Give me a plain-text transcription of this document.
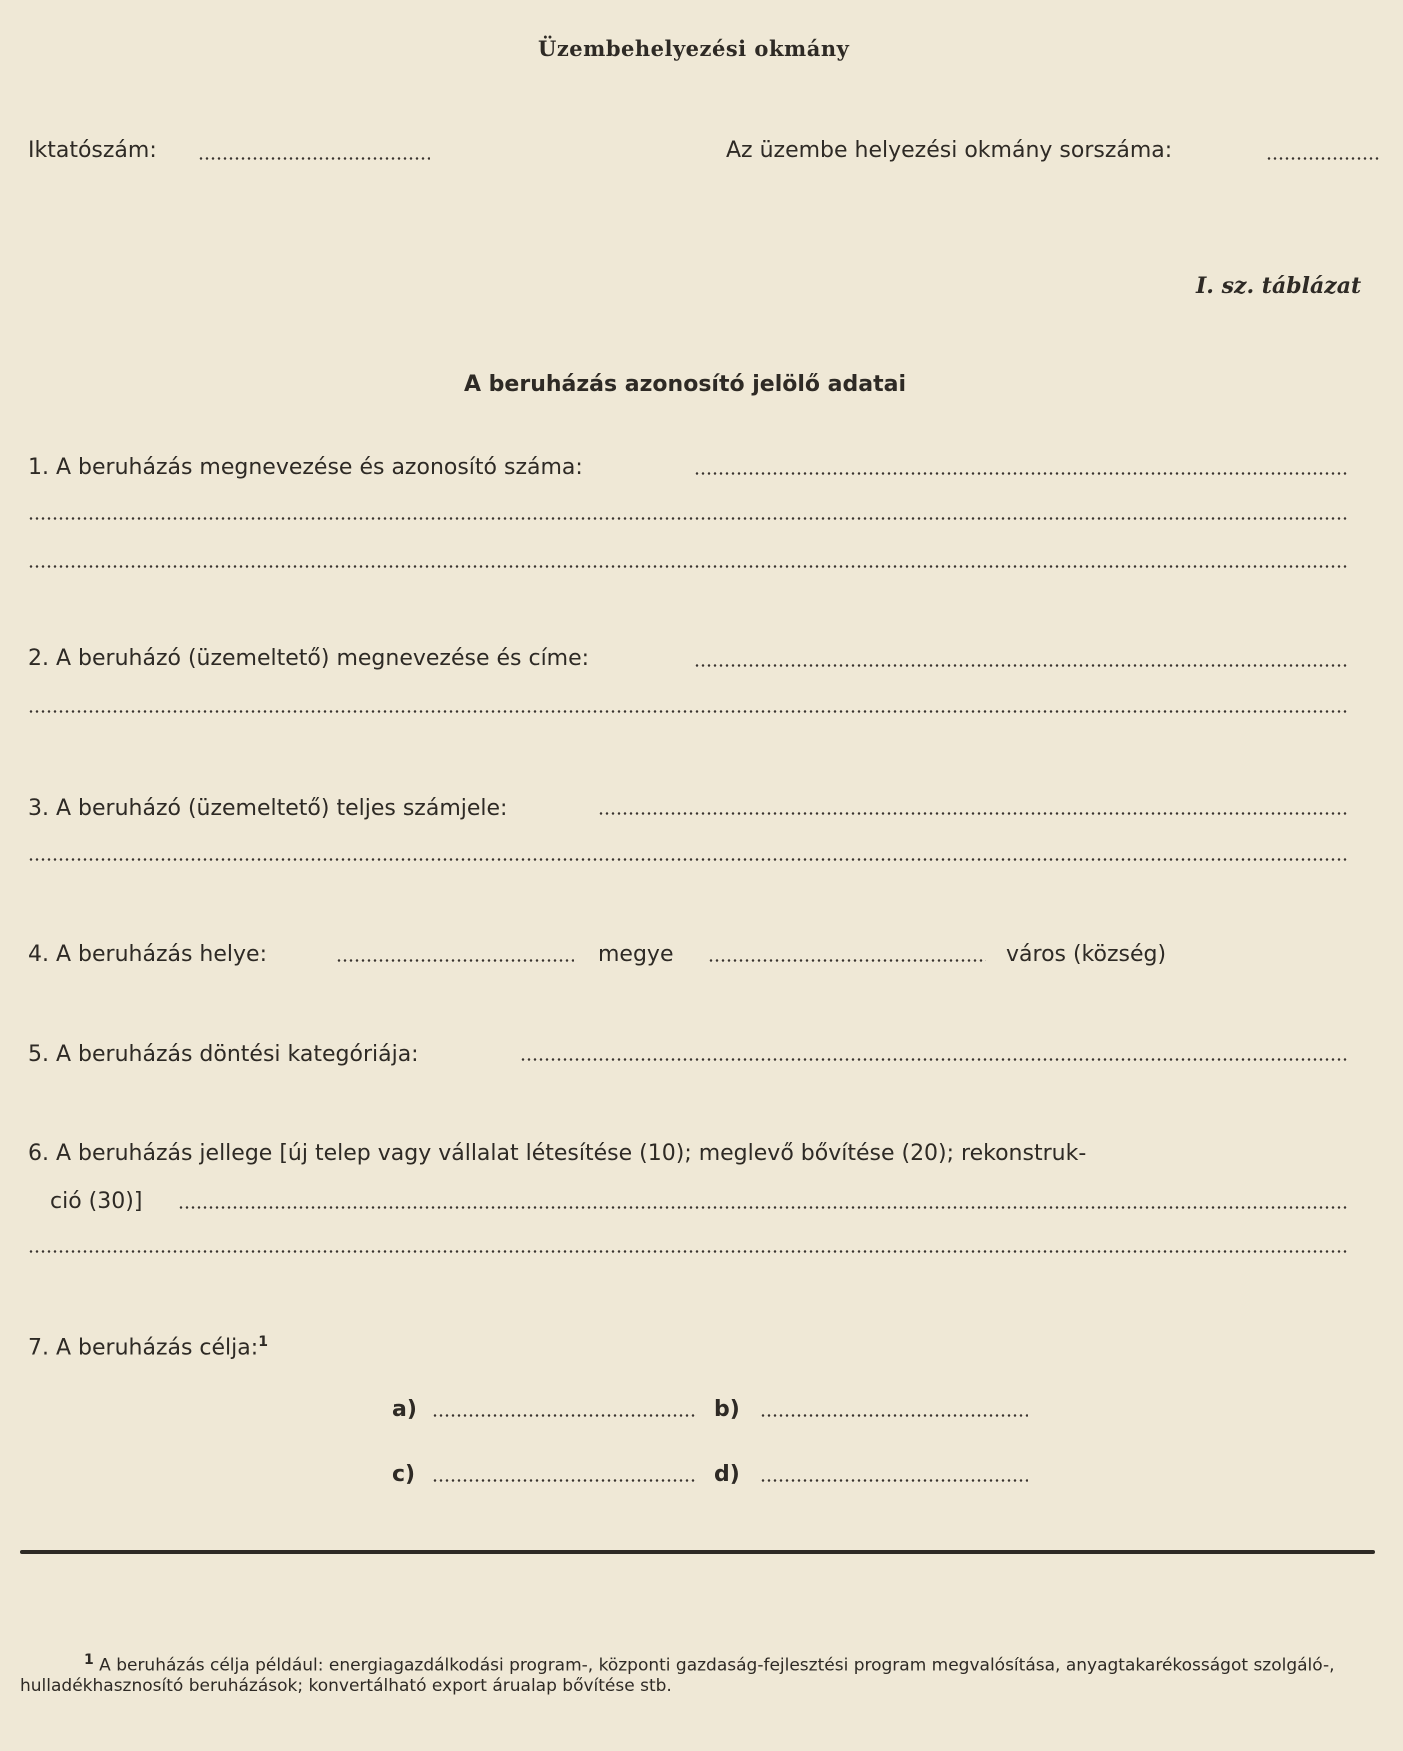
Üzembehelyezési okmány
Iktatószám:	Az üzembe helyezési okmány sorszáma:
I. sz. táblázat
A beruházás azonosító jelölő adatai
1. A beruházás megnevezése és azonosító száma:
2. A beruházó (üzemeltető) megnevezése és címe:
3. A beruházó (üzemeltető) teljes számjele:
4. A beruházás helye:	megye	város (község)
5. A beruházás döntési kategóriája:
6. A beruházás jellege [új telep vagy vállalat létesítése (10); meglevő bővítése (20); rekonstruk-
ció (30)]
7. A beruházás célja:$^1$
a)	b)
c)	d)
$^1$ A beruházás célja például: energiagazdálkodási program-, központi gazdaság-fejlesztési program megvalósítása, anyagtakarékosságot szolgáló-, hulladékhasznosító beruházások; konvertálható export árualap bővítése stb.
